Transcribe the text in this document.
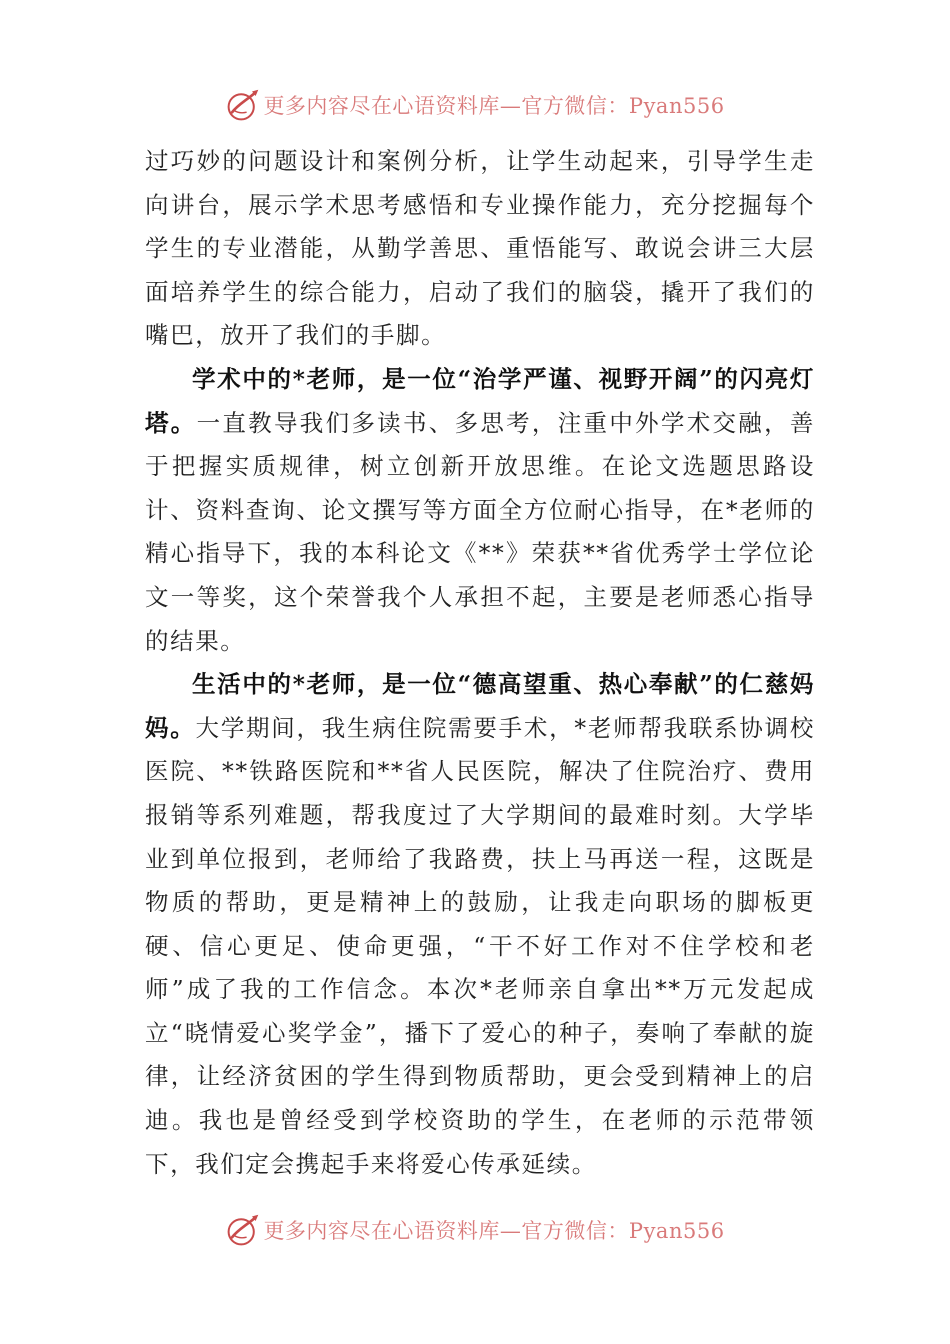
更多内容尽在心语资料库—官方微信：Pyan556

过巧妙的问题设计和案例分析，让学生动起来，引导学生走向讲台，展示学术思考感悟和专业操作能力，充分挖掘每个学生的专业潜能，从勤学善思、重悟能写、敢说会讲三大层面培养学生的综合能力，启动了我们的脑袋，撬开了我们的嘴巴，放开了我们的手脚。

学术中的*老师，是一位“治学严谨、视野开阔”的闪亮灯塔。一直教导我们多读书、多思考，注重中外学术交融，善于把握实质规律，树立创新开放思维。在论文选题思路设计、资料查询、论文撰写等方面全方位耐心指导，在*老师的精心指导下，我的本科论文《**》荣获**省优秀学士学位论文一等奖，这个荣誉我个人承担不起，主要是老师悉心指导的结果。

生活中的*老师，是一位“德高望重、热心奉献”的仁慈妈妈。大学期间，我生病住院需要手术，*老师帮我联系协调校医院、**铁路医院和**省人民医院，解决了住院治疗、费用报销等系列难题，帮我度过了大学期间的最难时刻。大学毕业到单位报到，老师给了我路费，扶上马再送一程，这既是物质的帮助，更是精神上的鼓励，让我走向职场的脚板更硬、信心更足、使命更强，“干不好工作对不住学校和老师”成了我的工作信念。本次*老师亲自拿出**万元发起成立“晓情爱心奖学金”，播下了爱心的种子，奏响了奉献的旋律，让经济贫困的学生得到物质帮助，更会受到精神上的启迪。我也是曾经受到学校资助的学生，在老师的示范带领下，我们定会携起手来将爱心传承延续。

更多内容尽在心语资料库—官方微信：Pyan556
